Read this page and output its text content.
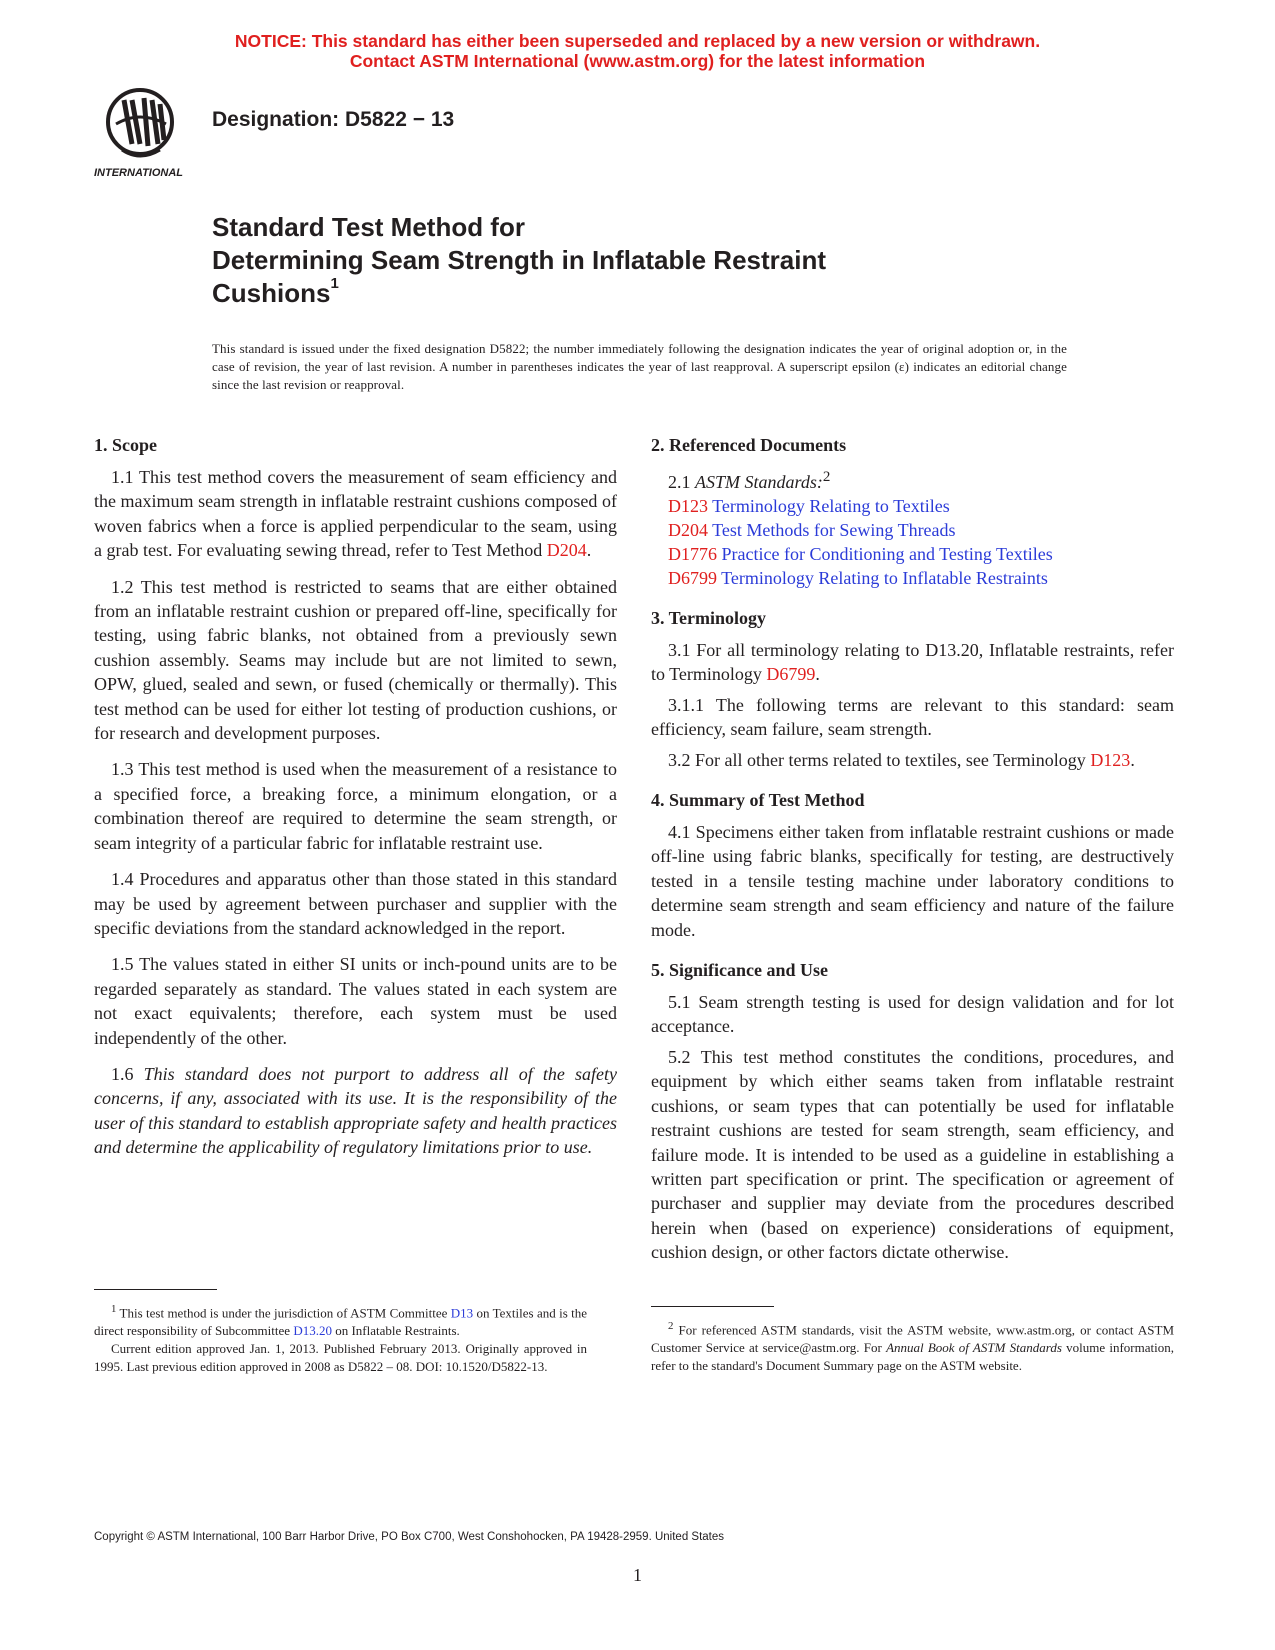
NOTICE: This standard has either been superseded and replaced by a new version or withdrawn.
Contact ASTM International (www.astm.org) for the latest information
INTERNATIONAL
Designation: D5822 − 13
Standard Test Method for
Determining Seam Strength in Inflatable Restraint
Cushions$^1$
This standard is issued under the fixed designation D5822; the number immediately following the designation indicates the year of original adoption or, in the case of revision, the year of last revision. A number in parentheses indicates the year of last reapproval. A superscript epsilon (ε) indicates an editorial change since the last revision or reapproval.
1. Scope

1.1 This test method covers the measurement of seam efficiency and the maximum seam strength in inflatable restraint cushions composed of woven fabrics when a force is applied perpendicular to the seam, using a grab test. For evaluating sewing thread, refer to Test Method D204.

1.2 This test method is restricted to seams that are either obtained from an inflatable restraint cushion or prepared off-line, specifically for testing, using fabric blanks, not obtained from a previously sewn cushion assembly. Seams may include but are not limited to sewn, OPW, glued, sealed and sewn, or fused (chemically or thermally). This test method can be used for either lot testing of production cushions, or for research and development purposes.

1.3 This test method is used when the measurement of a resistance to a specified force, a breaking force, a minimum elongation, or a combination thereof are required to determine the seam strength, or seam integrity of a particular fabric for inflatable restraint use.

1.4 Procedures and apparatus other than those stated in this standard may be used by agreement between purchaser and supplier with the specific deviations from the standard acknowledged in the report.

1.5 The values stated in either SI units or inch-pound units are to be regarded separately as standard. The values stated in each system are not exact equivalents; therefore, each system must be used independently of the other.

1.6 This standard does not purport to address all of the safety concerns, if any, associated with its use. It is the responsibility of the user of this standard to establish appropriate safety and health practices and determine the applicability of regulatory limitations prior to use.

2. Referenced Documents
2.1 ASTM Standards:$^2$
D123 Terminology Relating to Textiles
D204 Test Methods for Sewing Threads
D1776 Practice for Conditioning and Testing Textiles
D6799 Terminology Relating to Inflatable Restraints
3. Terminology

3.1 For all terminology relating to D13.20, Inflatable restraints, refer to Terminology D6799.

3.1.1 The following terms are relevant to this standard: seam efficiency, seam failure, seam strength.

3.2 For all other terms related to textiles, see Terminology D123.

4. Summary of Test Method

4.1 Specimens either taken from inflatable restraint cushions or made off-line using fabric blanks, specifically for testing, are destructively tested in a tensile testing machine under laboratory conditions to determine seam strength and seam efficiency and nature of the failure mode.

5. Significance and Use

5.1 Seam strength testing is used for design validation and for lot acceptance.

5.2 This test method constitutes the conditions, procedures, and equipment by which either seams taken from inflatable restraint cushions, or seam types that can potentially be used for inflatable restraint cushions are tested for seam strength, seam efficiency, and failure mode. It is intended to be used as a guideline in establishing a written part specification or print. The specification or agreement of purchaser and supplier may deviate from the procedures described herein when (based on experience) considerations of equipment, cushion design, or other factors dictate otherwise.

$^1$ This test method is under the jurisdiction of ASTM Committee D13 on Textiles and is the direct responsibility of Subcommittee D13.20 on Inflatable Restraints.

Current edition approved Jan. 1, 2013. Published February 2013. Originally approved in 1995. Last previous edition approved in 2008 as D5822 – 08. DOI: 10.1520/D5822-13.

$^2$ For referenced ASTM standards, visit the ASTM website, www.astm.org, or contact ASTM Customer Service at service@astm.org. For Annual Book of ASTM Standards volume information, refer to the standard's Document Summary page on the ASTM website.

Copyright © ASTM International, 100 Barr Harbor Drive, PO Box C700, West Conshohocken, PA 19428-2959. United States
1
